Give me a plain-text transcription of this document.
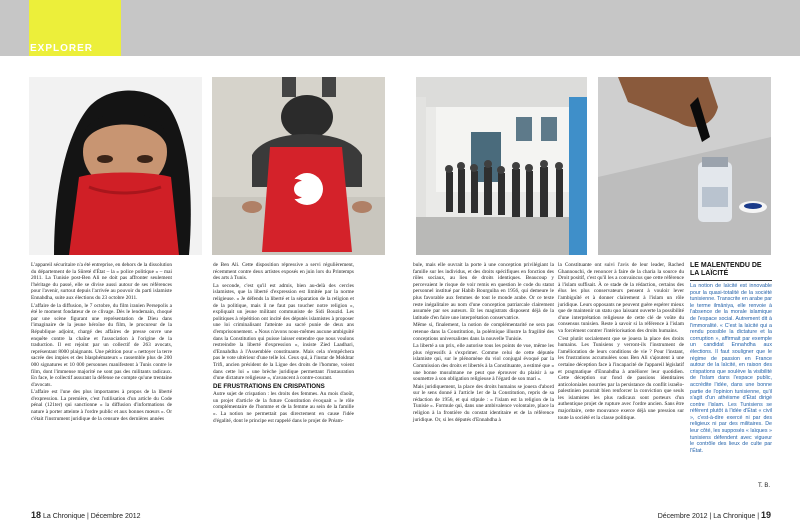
EXPLORER

L'appareil sécuritaire n'a été entreprise, en dehors de la dissolution du département de la Sûreté d'État – la « police politique » – mai 2011. La Tunisie post-Ben Ali ne doit pas affronter seulement l'héritage du passé, elle se divise aussi autour de ses références pour l'avenir, surtout depuis l'arrivée au pouvoir du parti islamiste Ennahdha, suite aux élections du 23 octobre 2011.

L'affaire de la diffusion, le 7 octobre, du film iranien Persepolis a été le moment fondateur de ce clivage. Dès le lendemain, choqué par une scène figurant une représentation de Dieu dans l'imaginaire de la jeune héroïne du film, le procureur de la République adjoint, chargé des affaires de presse ouvre une enquête contre la chaîne et l'association à l'origine de la traduction. Il est rejoint par un collectif de 263 avocats, représentant 8000 plaignants. Une pétition pour « nettoyer la terre sacrée des impies et des blasphémateurs » rassemble plus de 200 000 signatures et 10 000 personnes manifestent à Tunis contre le film, dont l'immense majorité ne sont pas des militants radicaux. En face, le collectif assurant la défense ne compte qu'une trentaine d'avocats.

L'affaire est l'une des plus importantes à propos de la liberté d'expression. La première, c'est l'utilisation d'un article du Code pénal (121ter) qui sanctionne « la diffusion d'informations de nature à porter atteinte à l'ordre public et aux bonnes mœurs ». Or c'était l'instrument juridique de la censure des dernières années

de Ben Ali. Cette disposition répressive a servi régulièrement, récemment contre deux artistes exposés en juin lors du Printemps des arts à Tunis.

La seconde, c'est qu'il est admis, bien au-delà des cercles islamistes, que la liberté d'expression est limitée par la norme religieuse. « Je défends la liberté et la séparation de la religion et de la politique, mais il ne faut pas toucher notre religion », expliquait un jeune militant communiste de Sidi Bouzid. Les politiques à répétition ont incité des députés islamistes à proposer une loi criminalisant l'atteinte au sacré punie de deux ans d'emprisonnement. « Nous n'avons nous-mêmes aucune ambiguïté dans la Constitution qui puisse laisser entendre que nous voulons restreindre la liberté d'expression », insiste Zied Laadhari, d'Ennahdha à l'Assemblée constituante. Mais cela n'empêchera pas le vote ultérieur d'une telle loi. Ceux qui, à l'instar de Mokhtar Trifi, ancien président de la Ligue des droits de l'homme, voient dans cette loi « une brèche juridique permettant l'instauration d'une dictature religieuse », n'avancent à contre-courant.

DE FRUSTRATIONS EN CRISPATIONS

Autre sujet de crispation : les droits des femmes. Au mois d'août, un projet d'article de la future Constitution évoquait « le rôle complémentaire de l'homme et de la femme au sein de la famille ». La notion ne permettait pas directement en cause l'idée d'égalité, dont le principe est rappelé dans le projet de Préam-

bule, mais elle ouvrait la porte à une conception privilégiant la famille sur les individus, et des droits spécifiques en fonction des rôles sociaux, au lieu de droits identiques. Beaucoup y percevaient le risque de voir remis en question le code du statut personnel institué par Habib Bourguiba en 1956, qui demeure le plus favorable aux femmes de tout le monde arabe. Or ce texte reste inégalitaire au nom d'une conception patriarcale clairement assumée par ses auteurs. Et les magistrats disposent déjà de la latitude d'en faire une interprétation conservatrice.

Même si, finalement, la notion de complémentarité ne sera pas retenue dans la Constitution, la polémique illustre la fragilité des conceptions universalistes dans la nouvelle Tunisie.

La liberté a un prix, elle autorise tous les points de vue, même les plus régressifs à s'exprimer. Comme celui de cette députée islamiste qui, sur le plénomène du viol conjugal évoqué par la Commission des droits et libertés à la Constituante, a estimé que « une bonne musulmane ne peut que éprouver du plaisir à se soumettre à son obligation religieuse à l'égard de son mari ».

Mais juridiquement, la place des droits humains se jouera d'abord sur le sens donné à l'article 1er de la Constitution, repris de sa rédaction de 1956, et qui stipule : « l'islam est la religion de la Tunisie ». Formule qui, dans une ambivalence volontaire, place la religion à la frontière du constat identitaire et de la référence juridique. Or, si les députés d'Ennahdha à

la Constituante ont suivi l'avis de leur leader, Rached Ghannouchi, de renoncer à faire de la charia la source du Droit positif, c'est qu'il les a convaincus que cette référence à l'islam suffisait. À ce stade de la rédaction, certains des élus les plus conservateurs pensent à vouloir lever l'ambiguïté et à donner clairement à l'islam un rôle juridique. Leurs opposants ne peuvent guère espérer mieux que de maintenir un statu quo laissant ouverte la possibilité d'une interprétation religieuse de cette clé de voûte du consensus tunisien. Reste à savoir si la référence à l'islam va forcément contrer l'intériorisation des droits humains.

C'est plutôt socialement que se jouera la place des droits humains. Les Tunisiens y verront-ils l'instrument de l'amélioration de leurs conditions de vie ? Pour l'instant, les frustrations accumulées sous Ben Ali s'ajoutent à une certaine déception face à l'incapacité de l'appareil législatif et pragmatique d'Ennahdha à améliorer leur quotidien. Cette déception sur fond de passions identitaires anticoloniales nourries par la persistance du conflit israélo-palestinien pourrait bien renforcer la conviction que seuls les islamistes les plus radicaux sont porteurs d'un authentique projet de rupture avec l'ordre ancien. Sans être majoritaire, cette mouvance exerce déjà une pression sur toute la société et la classe politique.

LE MALENTENDU DE LA LAÏCITÉ
La notion de laïcité est innovable pour la quasi-totalité de la société tunisienne. Transcrite en arabe par le terme ilmāniya, elle renvoie à l'absence de la morale islamique de l'espace social. Autrement dit à l'immoralité. « C'est la laïcité qui a rendu possible la dictature et la corruption », affirmait par exemple un candidat Ennahdha aux élections. Il faut souligner que le régime de passion en France autour de la laïcité, en raison des crispations que soulève la visibilité de l'islam dans l'espace public, accrédite l'idée, dans une bonne partie de l'opinion tunisienne, qu'il s'agit d'un athéisme d'État dirigé contre l'islam. Les Tunisiens se réfèrent plutôt à l'idée d'État « civil », c'est-à-dire exercé ni par des religieux ni par des militaires. De leur côté, les supposés « laïques » tunisiens défendent avec vigueur le contrôle des lieux de culte par l'État.
T. B.
18 La Chronique | Décembre 2012	Décembre 2012 | La Chronique | 19
